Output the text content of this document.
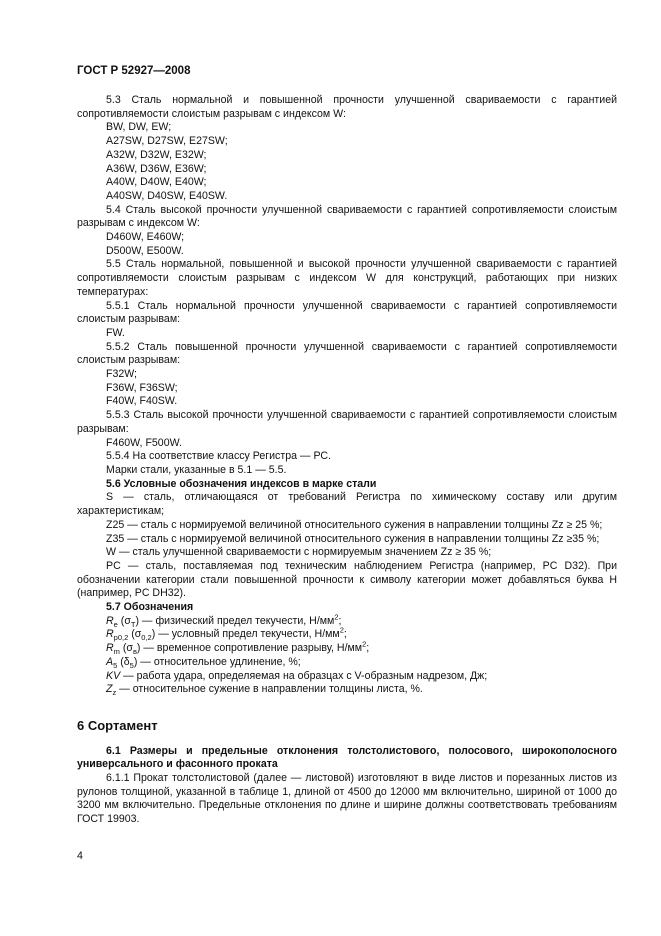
ГОСТ Р 52927—2008
5.3 Сталь нормальной и повышенной прочности улучшенной свариваемости с гарантией сопротивляемости слоистым разрывам с индексом W:
BW, DW, EW;
A27SW, D27SW, E27SW;
A32W, D32W, E32W;
A36W, D36W, E36W;
A40W, D40W, E40W;
A40SW, D40SW, E40SW.
5.4 Сталь высокой прочности улучшенной свариваемости с гарантией сопротивляемости слоистым разрывам с индексом W:
D460W, E460W;
D500W, E500W.
5.5 Сталь нормальной, повышенной и высокой прочности улучшенной свариваемости с гарантией сопротивляемости слоистым разрывам с индексом W для конструкций, работающих при низких температурах:
5.5.1 Сталь нормальной прочности улучшенной свариваемости с гарантией сопротивляемости слоистым разрывам:
FW.
5.5.2 Сталь повышенной прочности улучшенной свариваемости с гарантией сопротивляемости слоистым разрывам:
F32W;
F36W, F36SW;
F40W, F40SW.
5.5.3 Сталь высокой прочности улучшенной свариваемости с гарантией сопротивляемости слоистым разрывам:
F460W, F500W.
5.5.4 На соответствие классу Регистра — РС.
Марки стали, указанные в 5.1 — 5.5.
5.6 Условные обозначения индексов в марке стали
S — сталь, отличающаяся от требований Регистра по химическому составу или другим характеристикам;
Z25 — сталь с нормируемой величиной относительного сужения в направлении толщины Zz ≥ 25 %;
Z35 — сталь с нормируемой величиной относительного сужения в направлении толщины Zz ≥35 %;
W — сталь улучшенной свариваемости с нормируемым значением Zz ≥ 35 %;
PC — сталь, поставляемая под техническим наблюдением Регистра (например, PC D32). При обозначении категории стали повышенной прочности к символу категории может добавляться буква Н (например, PC DH32).
5.7 Обозначения
$R_e$ $(\sigma_T)$ — физический предел текучести, $Н/мм^2$;
$R_{p0,2}$ $(\sigma_{0,2})$ — условный предел текучести, $Н/мм^2$;
$R_m$ $(\sigma_в)$ — временное сопротивление разрыву, $Н/мм^2$;
$A_5$ $(\delta_5)$ — относительное удлинение, %;
KV — работа удара, определяемая на образцах с V-образным надрезом, Дж;
$Z_z$ — относительное сужение в направлении толщины листа, %.
6 Сортамент
6.1 Размеры и предельные отклонения толстолистового, полосового, широкополосного универсального и фасонного проката
6.1.1 Прокат толстолистовой (далее — листовой) изготовляют в виде листов и порезанных листов из рулонов толщиной, указанной в таблице 1, длиной от 4500 до 12000 мм включительно, шириной от 1000 до 3200 мм включительно. Предельные отклонения по длине и ширине должны соответствовать требованиям ГОСТ 19903.
4
